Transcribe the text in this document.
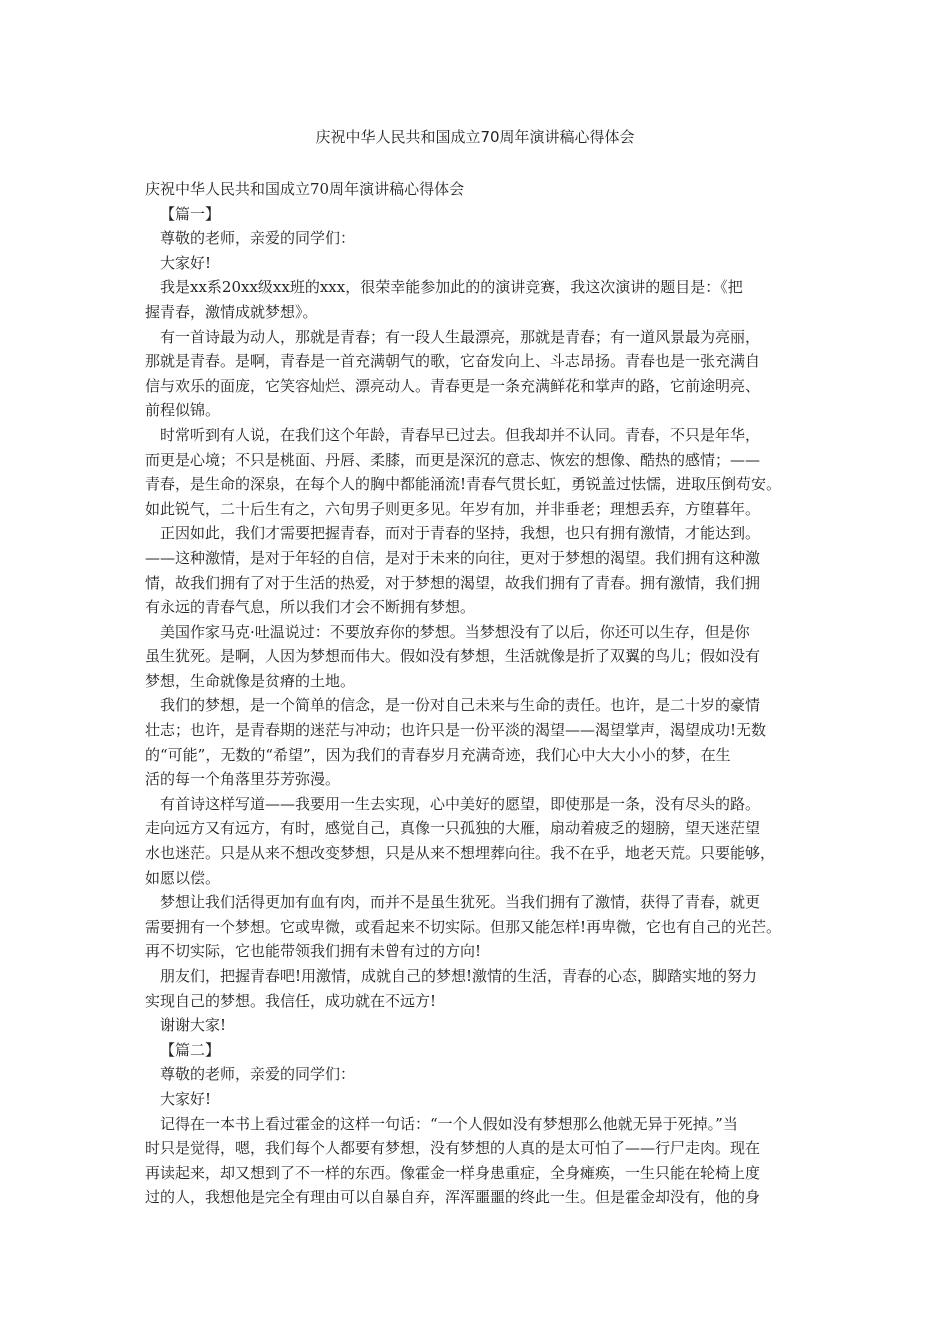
庆祝中华人民共和国成立70周年演讲稿心得体会
庆祝中华人民共和国成立70周年演讲稿心得体会
【篇一】
尊敬的老师，亲爱的同学们：
大家好!
我是xx系20xx级xx班的xxx，很荣幸能参加此的的演讲竞赛，我这次演讲的题目是：《把
握青春，激情成就梦想》。
有一首诗最为动人，那就是青春；有一段人生最漂亮，那就是青春；有一道风景最为亮丽，
那就是青春。是啊，青春是一首充满朝气的歌，它奋发向上、斗志昂扬。青春也是一张充满自
信与欢乐的面庞，它笑容灿烂、漂亮动人。青春更是一条充满鲜花和掌声的路，它前途明亮、
前程似锦。
时常听到有人说，在我们这个年龄，青春早已过去。但我却并不认同。青春，不只是年华，
而更是心境；不只是桃面、丹唇、柔膝，而更是深沉的意志、恢宏的想像、酷热的感情；——
青春，是生命的深泉，在每个人的胸中都能涌流!青春气贯长虹，勇锐盖过怯懦，进取压倒苟安。
如此锐气，二十后生有之，六旬男子则更多见。年岁有加，并非垂老；理想丢弃，方堕暮年。
正因如此，我们才需要把握青春，而对于青春的坚持，我想，也只有拥有激情，才能达到。
——这种激情，是对于年轻的自信，是对于未来的向往，更对于梦想的渴望。我们拥有这种激
情，故我们拥有了对于生活的热爱，对于梦想的渴望，故我们拥有了青春。拥有激情，我们拥
有永远的青春气息，所以我们才会不断拥有梦想。
美国作家马克·吐温说过：不要放弃你的梦想。当梦想没有了以后，你还可以生存，但是你
虽生犹死。是啊，人因为梦想而伟大。假如没有梦想，生活就像是折了双翼的鸟儿；假如没有
梦想，生命就像是贫瘠的土地。
我们的梦想，是一个简单的信念，是一份对自己未来与生命的责任。也许，是二十岁的豪情
壮志；也许，是青春期的迷茫与冲动；也许只是一份平淡的渴望——渴望掌声，渴望成功!无数
的“可能”，无数的“希望”，因为我们的青春岁月充满奇迹，我们心中大大小小的梦，在生
活的每一个角落里芬芳弥漫。
有首诗这样写道——我要用一生去实现，心中美好的愿望，即使那是一条，没有尽头的路。
走向远方又有远方，有时，感觉自己，真像一只孤独的大雁，扇动着疲乏的翅膀，望天迷茫望
水也迷茫。只是从来不想改变梦想，只是从来不想埋葬向往。我不在乎，地老天荒。只要能够，
如愿以偿。
梦想让我们活得更加有血有肉，而并不是虽生犹死。当我们拥有了激情，获得了青春，就更
需要拥有一个梦想。它或卑微，或看起来不切实际。但那又能怎样!再卑微，它也有自己的光芒。
再不切实际，它也能带领我们拥有未曾有过的方向!
朋友们，把握青春吧!用激情，成就自己的梦想!激情的生活，青春的心态，脚踏实地的努力
实现自己的梦想。我信任，成功就在不远方!
谢谢大家!
【篇二】
尊敬的老师，亲爱的同学们：
大家好!
记得在一本书上看过霍金的这样一句话：“一个人假如没有梦想那么他就无异于死掉。”当
时只是觉得，嗯，我们每个人都要有梦想，没有梦想的人真的是太可怕了——行尸走肉。现在
再读起来，却又想到了不一样的东西。像霍金一样身患重症，全身瘫痪，一生只能在轮椅上度
过的人，我想他是完全有理由可以自暴自弃，浑浑噩噩的终此一生。但是霍金却没有，他的身
